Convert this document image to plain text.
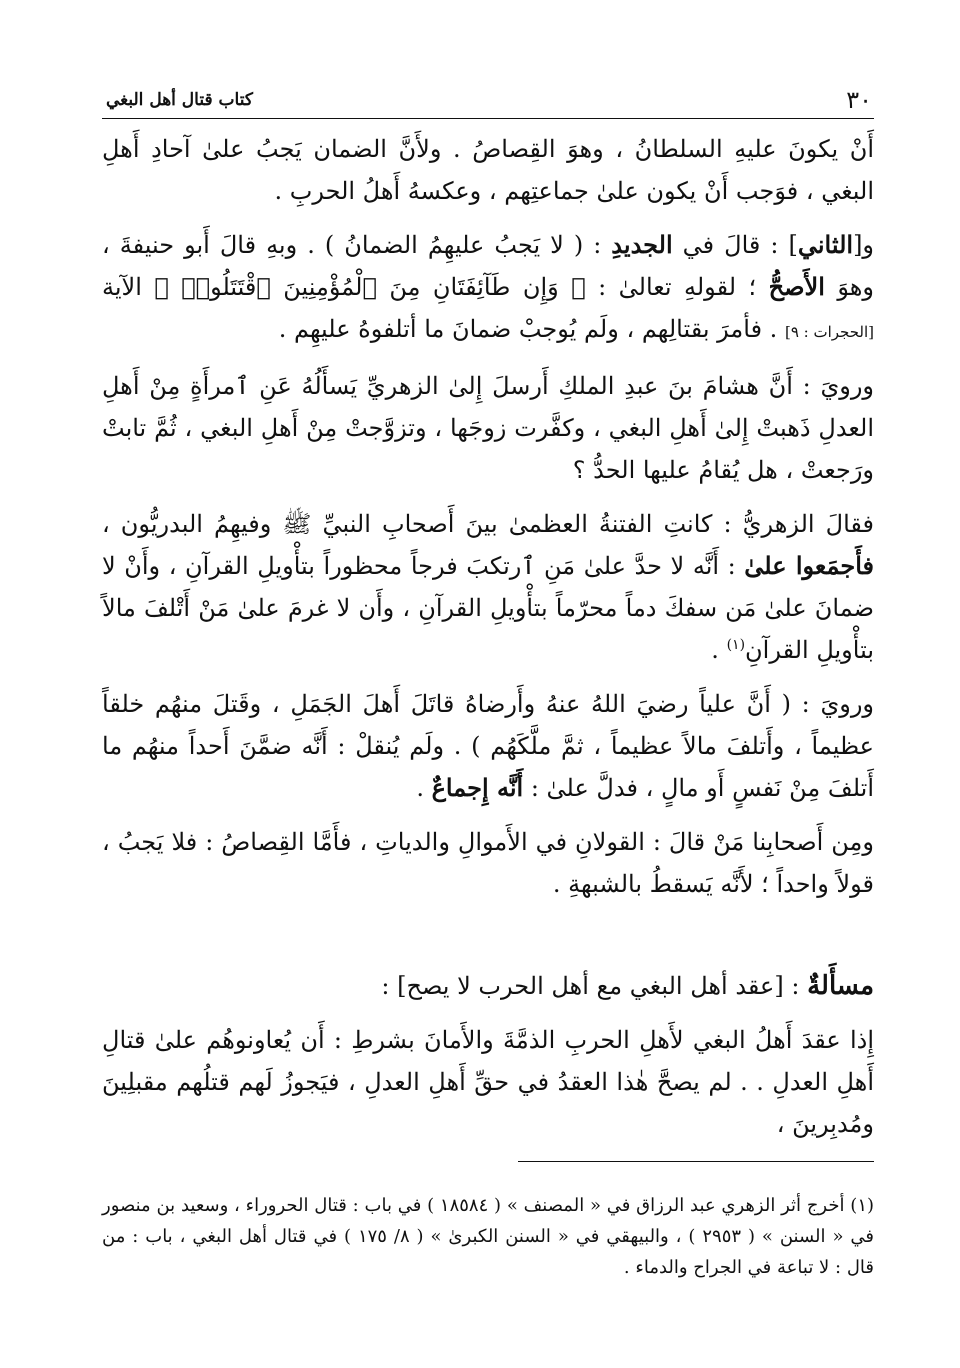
٣٠
كتاب قتال أهل البغي

أَنْ يكونَ عليهِ السلطانُ ، وهوَ القِصاصُ . ولأَنَّ الضمان يَجبُ علىٰ آحادِ أَهلِ البغي ، فوَجب أَنْ يكون علىٰ جماعتِهم ، وعكسهُ أَهلُ الحربِ .

و[الثاني] : قالَ في الجديدِ : ( لا يَجبُ عليهِمُ الضمانُ ) . وبهِ قالَ أَبو حنيفةَ ، وهوَ الأَصحُّ ؛ لقولهِ تعالىٰ : ﴿ وَإِن طَآئِفَتَانِ مِنَ ٱلْمُؤْمِنِينَ ٱقْتَتَلُوا۟ ﴾ الآية [الحجرات : ٩] . فأمرَ بقتالِهم ، ولَم يُوجبْ ضمانَ ما أتلفوهُ عليهِم .

ورويَ : أَنَّ هشامَ بنَ عبدِ الملكِ أَرسلَ إِلىٰ الزهريِّ يَسأَلُهُ عَنِ ٱمرأَةٍ مِنْ أَهلِ العدلِ ذَهبتْ إِلىٰ أَهلِ البغي ، وكفَّرت زوجَها ، وتزوَّجتْ مِنْ أَهلِ البغي ، ثُمَّ تابتْ ورَجعتْ ، هل يُقامُ عليها الحدُّ ؟

فقالَ الزهريُّ : كانتِ الفتنةُ العظمىٰ بينَ أَصحابِ النبيِّ ﷺ وفيهِمُ البدريُّون ، فأَجمَعوا علىٰ : أَنَّه لا حدَّ علىٰ مَنِ ٱرتكبَ فرجاً محظوراً بتأْويلِ القرآنِ ، وأَنْ لا ضمانَ علىٰ مَن سفكَ دماً محرّماً بتأْويلِ القرآنِ ، وأَن لا غرمَ علىٰ مَنْ أَتْلفَ مالاً بتأْويلِ القرآنِ$^{(١)}$ .

ورويَ : ( أَنَّ علياً رضيَ اللهُ عنهُ وأَرضاهُ قاتَلَ أَهلَ الجَمَلِ ، وقَتلَ منهُم خلقاً عظيماً ، وأَتلفَ مالاً عظيماً ، ثمَّ ملَّكَهُم ) . ولَم يُنقلْ : أَنَّه ضمَّنَ أَحداً منهُم ما أَتلفَ مِنْ نَفسٍ أَو مالٍ ، فدلَّ علىٰ : أَنَّه إِجماعٌ .

ومِن أَصحابِنا مَنْ قالَ : القولانِ في الأَموالِ والدياتِ ، فأَمَّا القِصاصُ : فلا يَجبُ ، قولاً واحداً ؛ لأَنَّه يَسقطُ بالشبهةِ .

مسأَلةٌ : [عقد أهل البغي مع أهل الحرب لا يصح] :

إِذا عقدَ أَهلُ البغي لأَهلِ الحربِ الذمَّةَ والأَمانَ بشرطِ : أَن يُعاونوهُم علىٰ قتالِ أَهلِ العدلِ . . لم يصحَّ هٰذا العقدُ في حقِّ أَهلِ العدلِ ، فيَجوزُ لَهم قتلُهم مقبلِينَ ومُدبِرينَ ،

(١) أخرج أثر الزهري عبد الرزاق في « المصنف » ( ١٨٥٨٤ ) في باب : قتال الحروراء ، وسعيد بن منصور في « السنن » ( ٢٩٥٣ ) ، والبيهقي في « السنن الكبرىٰ » ( ٨/ ١٧٥ ) في قتال أهل البغي ، باب : من قال : لا تباعة في الجراح والدماء .
